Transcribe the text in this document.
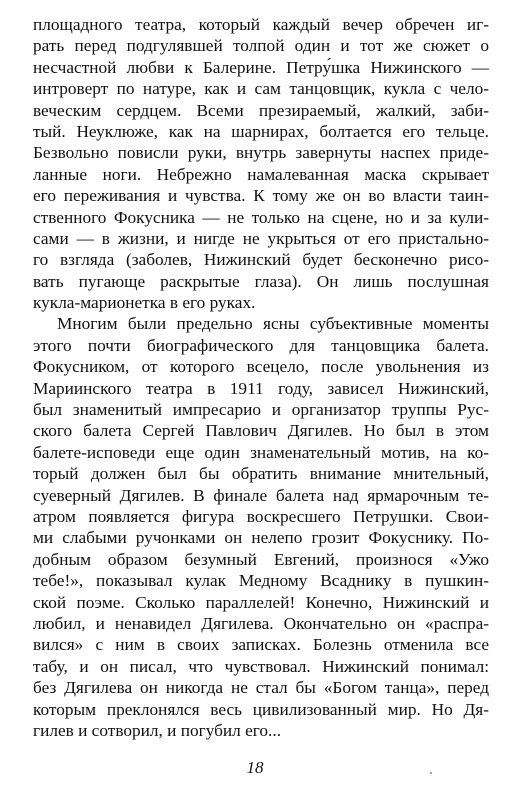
площадного театра, который каждый вечер обречен иг-
рать перед подгулявшей толпой один и тот же сюжет о
несчастной любви к Балерине. Петру́шка Нижинского —
интроверт по натуре, как и сам танцовщик, кукла с чело-
веческим сердцем. Всеми презираемый, жалкий, заби-
тый. Неуклюже, как на шарнирах, болтается его тельце.
Безвольно повисли руки, внутрь завернуты наспех приде-
ланные ноги. Небрежно намалеванная маска скрывает
его переживания и чувства. К тому же он во власти таин-
ственного Фокусника — не только на сцене, но и за кули-
сами — в жизни, и нигде не укрыться от его пристально-
го взгляда (заболев, Нижинский будет бесконечно рисо-
вать пугающе раскрытые глаза). Он лишь послушная
кукла-марионетка в его руках.
Многим были предельно ясны субъективные моменты
этого почти биографического для танцовщика балета.
Фокусником, от которого всецело, после увольнения из
Мариинского театра в 1911 году, зависел Нижинский,
был знаменитый импресарио и организатор труппы Рус-
ского балета Сергей Павлович Дягилев. Но был в этом
балете-исповеди еще один знаменательный мотив, на ко-
торый должен был бы обратить внимание мнительный,
суеверный Дягилев. В финале балета над ярмарочным те-
атром появляется фигура воскресшего Петрушки. Свои-
ми слабыми ручонками он нелепо грозит Фокуснику. По-
добным образом безумный Евгений, произнося «Ужо
тебе!», показывал кулак Медному Всаднику в пушкин-
ской поэме. Сколько параллелей! Конечно, Нижинский и
любил, и ненавидел Дягилева. Окончательно он «распра-
вился» с ним в своих записках. Болезнь отменила все
табу, и он писал, что чувствовал. Нижинский понимал:
без Дягилева он никогда не стал бы «Богом танца», перед
которым преклонялся весь цивилизованный мир. Но Дя-
гилев и сотворил, и погубил его...
18
